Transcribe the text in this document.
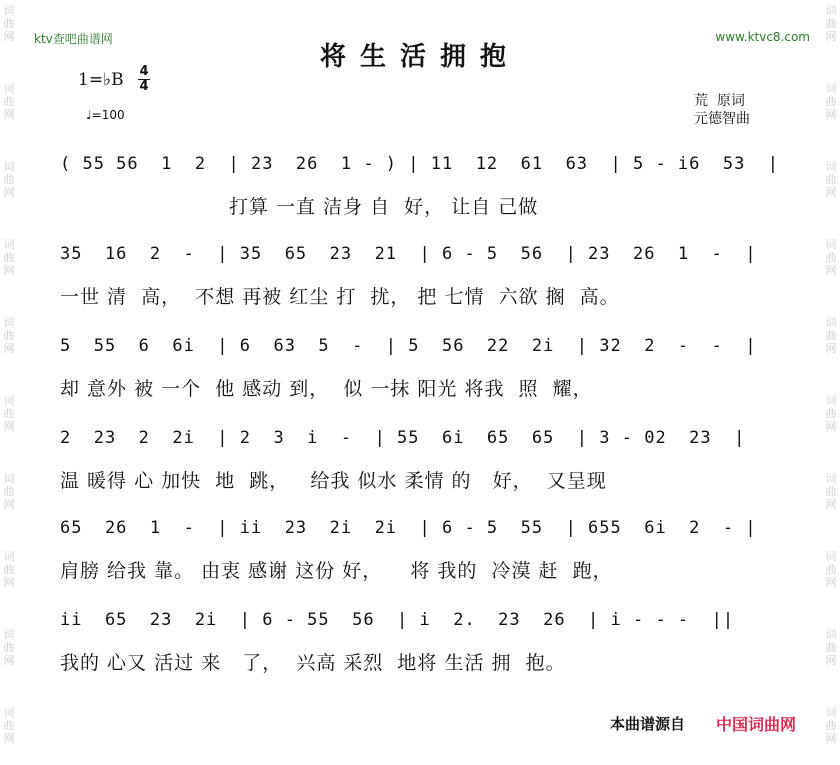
词
曲
网

词
曲
网

词
曲
网

词
曲
网

词
曲
网

词
曲
网

词
曲
网

词
曲
网

词
曲
网

词
曲
网
词
曲
网

词
曲
网

词
曲
网

词
曲
网

词
曲
网

词
曲
网

词
曲
网

词
曲
网

词
曲
网

词
曲
网
ktv查吧曲谱网	www.ktvc8.com
将生活拥抱
1=♭B 4
4
♩=100
荒  原词
元德智曲
( 55 56  1  2  | 23  26  1 - ) | 11  12  61  63  | 5 - i6  53  |
打算 一直 洁身 自  好， 让自 己做
35  16  2  -  | 35  65  23  21  | 6 - 5  56  | 23  26  1  -  |
一世 清  高，  不想 再被 红尘 打  扰， 把 七情  六欲 搁  高。
5  55  6  6i  | 6  63  5  -  | 5  56  22  2i  | 32  2  -  -  |
却 意外 被 一个  他 感动 到，  似 一抹 阳光 将我  照  耀，
2  23  2  2i  | 2  3  i  -  | 55  6i  65  65  | 3 - 02  23  |
温 暖得 心 加快  地  跳，   给我 似水 柔情 的   好，  又呈现
65  26  1  -  | ii  23  2i  2i  | 6 - 5  55  | 655  6i  2  - |
肩膀 给我 靠。 由衷 感谢 这份 好，    将 我的  冷漠 赶  跑，
ii  65  23  2i  | 6 - 55  56  | i  2.  23  26  | i - - -  ||
我的 心又 活过 来   了，  兴高 采烈  地将 生活 拥  抱。
本曲谱源自 中国词曲网
